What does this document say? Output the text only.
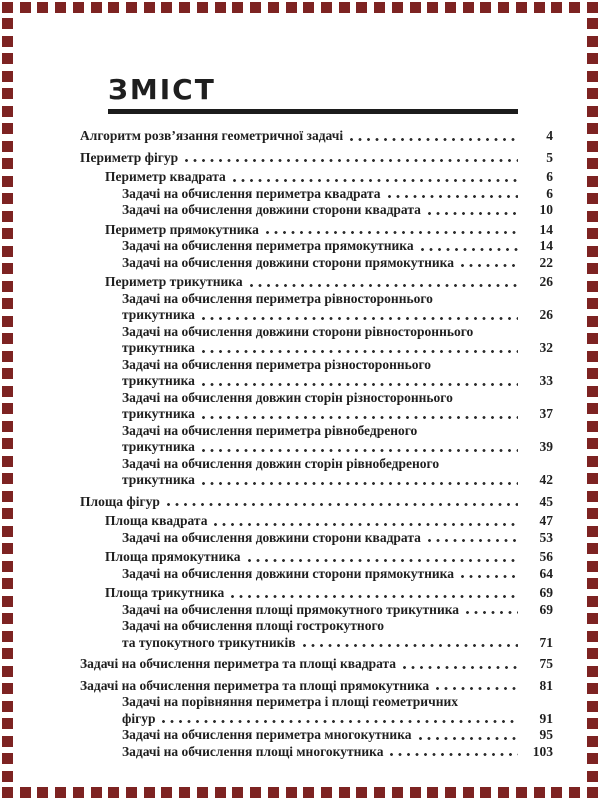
ЗМІСТ
Алгоритм розв’язання геометричної задачі	4
Периметр фігур	5
Периметр квадрата	6
Задачі на обчислення периметра квадрата	6
Задачі на обчислення довжини сторони квадрата	10
Периметр прямокутника	14
Задачі на обчислення периметра прямокутника	14
Задачі на обчислення довжини сторони прямокутника	22
Периметр трикутника	26
Задачі на обчислення периметра рівностороннього
трикутника	26
Задачі на обчислення довжини сторони рівностороннього
трикутника	32
Задачі на обчислення периметра різностороннього
трикутника	33
Задачі на обчислення довжин сторін різностороннього
трикутника	37
Задачі на обчислення периметра рівнобедреного
трикутника	39
Задачі на обчислення довжин сторін рівнобедреного
трикутника	42
Площа фігур	45
Площа квадрата	47
Задачі на обчислення довжини сторони квадрата	53
Площа прямокутника	56
Задачі на обчислення довжини сторони прямокутника	64
Площа трикутника	69
Задачі на обчислення площі прямокутного трикутника	69
Задачі на обчислення площі гострокутного
та тупокутного трикутників	71
Задачі на обчислення периметра та площі квадрата	75
Задачі на обчислення периметра та площі прямокутника	81
Задачі на порівняння периметра і площі геометричних
фігур	91
Задачі на обчислення периметра многокутника	95
Задачі на обчислення площі многокутника	103
